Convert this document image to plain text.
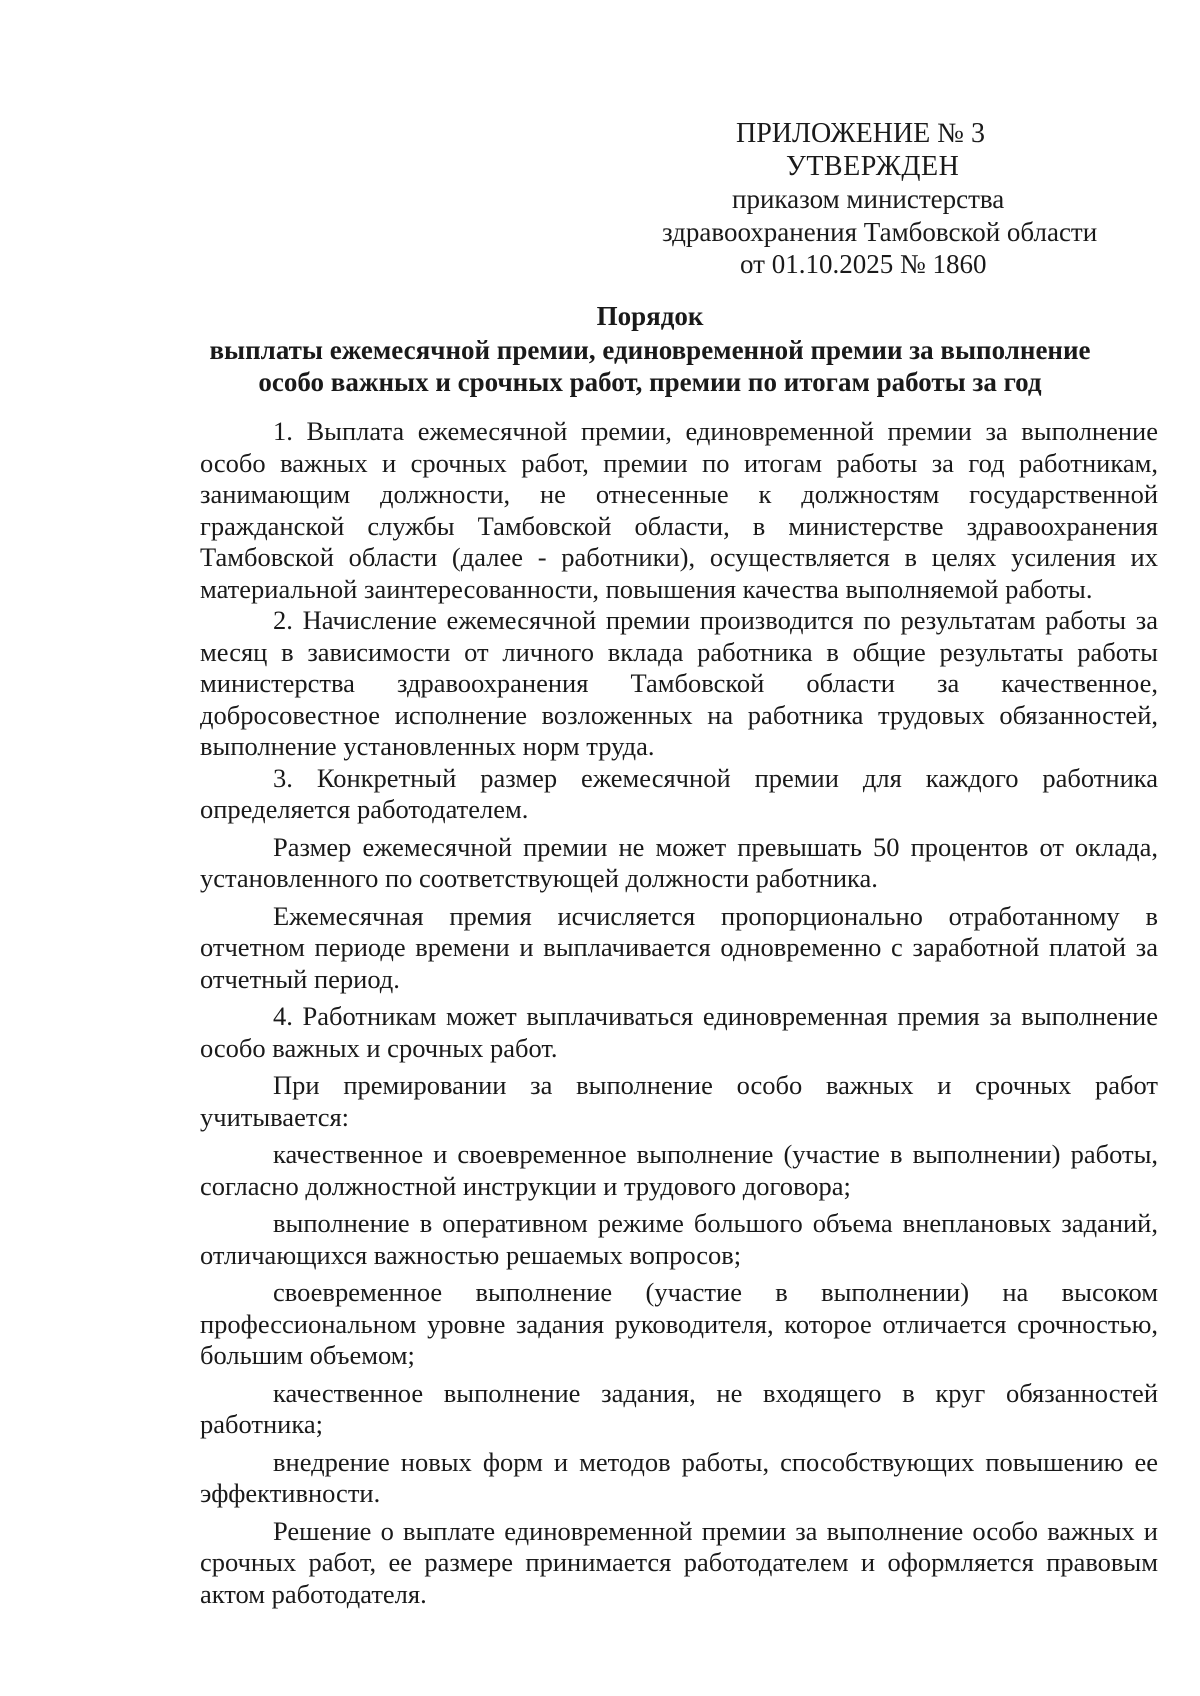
ПРИЛОЖЕНИЕ № 3
УТВЕРЖДЕН
приказом министерства
здравоохранения Тамбовской области
от 01.10.2025 № 1860
Порядок
выплаты ежемесячной премии, единовременной премии за выполнение
особо важных и срочных работ, премии по итогам работы за год

1. Выплата ежемесячной премии, единовременной премии за выполнение особо важных и срочных работ, премии по итогам работы за год работникам, занимающим должности, не отнесенные к должностям государственной гражданской службы Тамбовской области, в министерстве здравоохранения Тамбовской области (далее - работники), осуществляется в целях усиления их материальной заинтересованности, повышения качества выполняемой работы.

2. Начисление ежемесячной премии производится по результатам работы за месяц в зависимости от личного вклада работника в общие результаты работы министерства здравоохранения Тамбовской области за качественное, добросовестное исполнение возложенных на работника трудовых обязанностей, выполнение установленных норм труда.

3. Конкретный размер ежемесячной премии для каждого работника определяется работодателем.

Размер ежемесячной премии не может превышать 50 процентов от оклада, установленного по соответствующей должности работника.

Ежемесячная премия исчисляется пропорционально отработанному в отчетном периоде времени и выплачивается одновременно с заработной платой за отчетный период.

4. Работникам может выплачиваться единовременная премия за выполнение особо важных и срочных работ.

При премировании за выполнение особо важных и срочных работ учитывается:

качественное и своевременное выполнение (участие в выполнении) работы, согласно должностной инструкции и трудового договора;

выполнение в оперативном режиме большого объема внеплановых заданий, отличающихся важностью решаемых вопросов;

своевременное выполнение (участие в выполнении) на высоком профессиональном уровне задания руководителя, которое отличается срочностью, большим объемом;

качественное выполнение задания, не входящего в круг обязанностей работника;

внедрение новых форм и методов работы, способствующих повышению ее эффективности.

Решение о выплате единовременной премии за выполнение особо важных и срочных работ, ее размере принимается работодателем и оформляется правовым актом работодателя.
